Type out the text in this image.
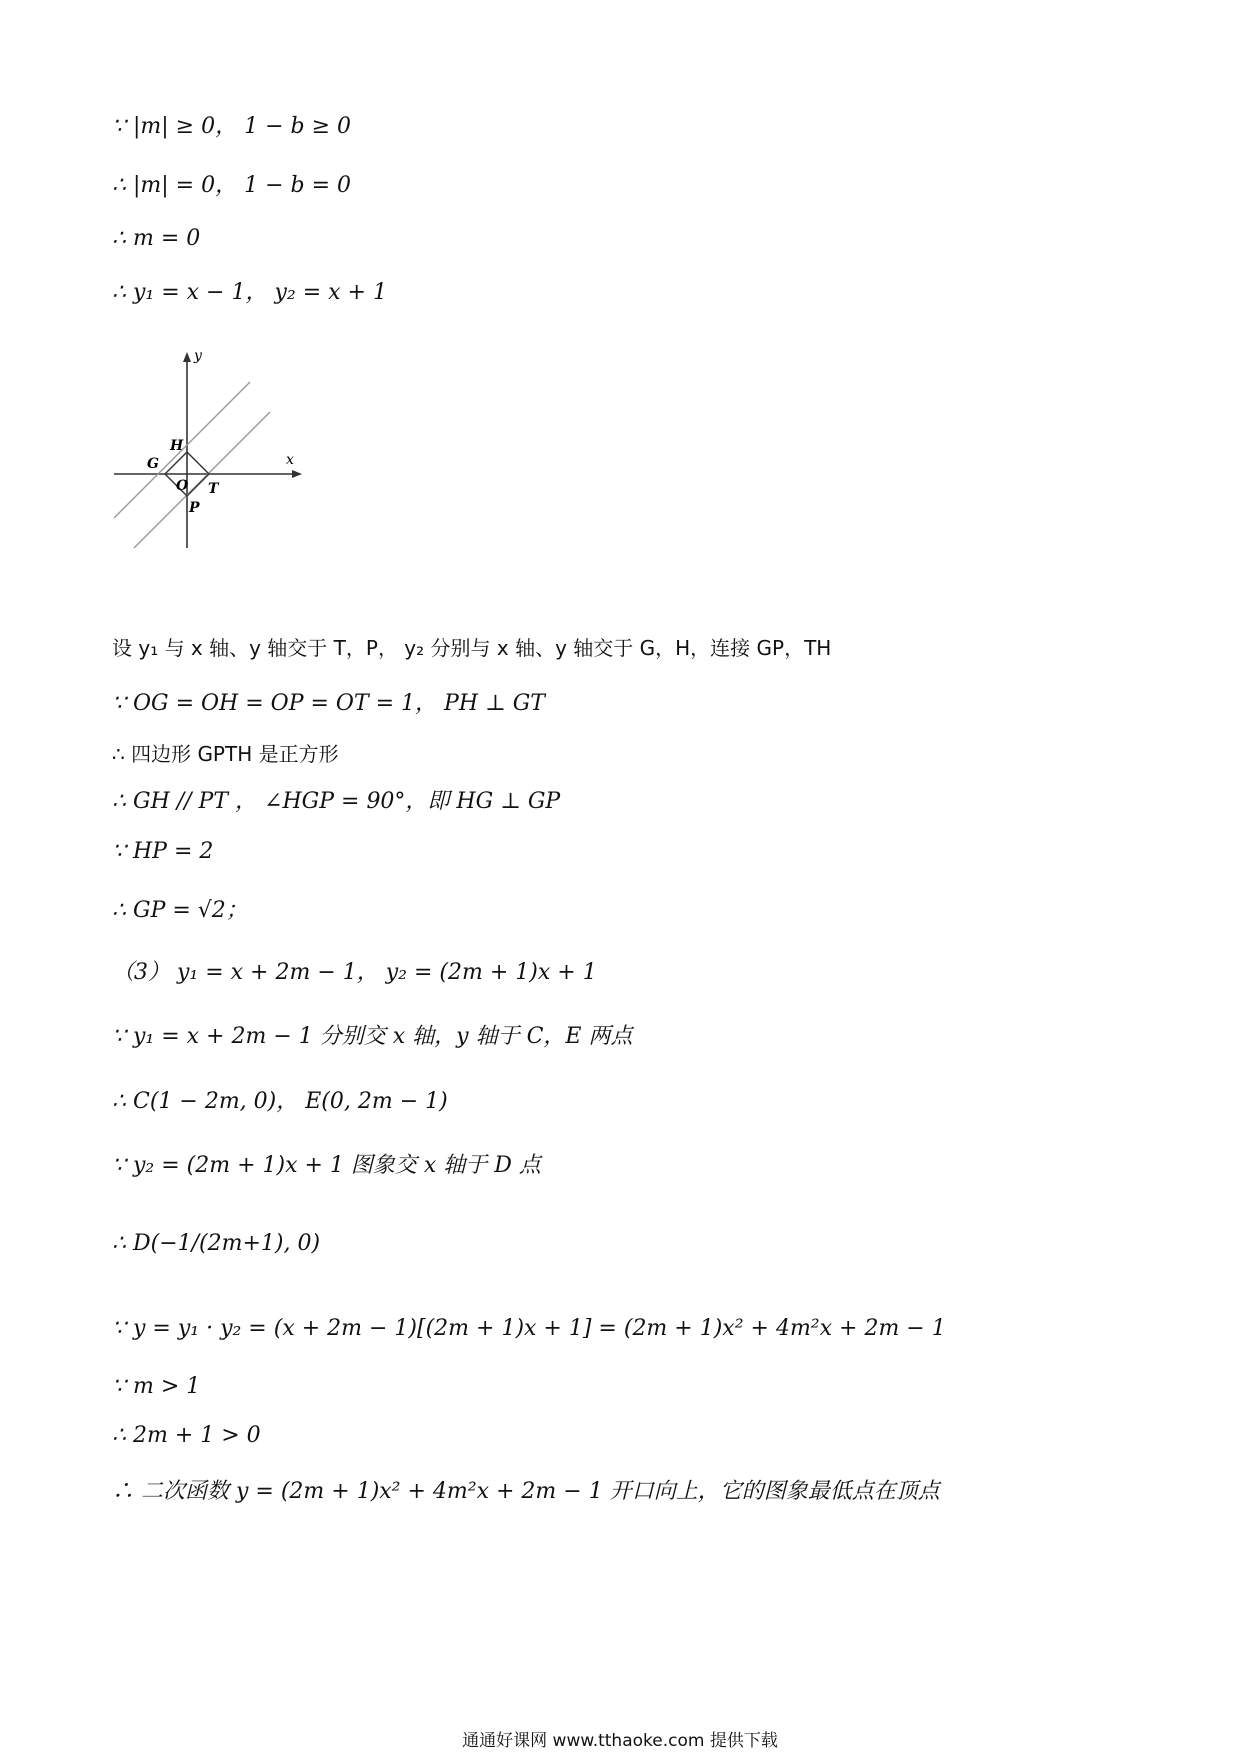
∵ |m| ≥ 0， 1 − b ≥ 0
∴ |m| = 0， 1 − b = 0
∴ m = 0
∴ y₁ = x − 1， y₂ = x + 1
y
x
H
G
O T
P
设 y₁ 与 x 轴、y 轴交于 T，P， y₂ 分别与 x 轴、y 轴交于 G，H，连接 GP，TH
∵ OG = OH = OP = OT = 1， PH ⊥ GT
∴ 四边形 GPTH 是正方形
∴ GH // PT ， ∠HGP = 90°，即 HG ⊥ GP
∵ HP = 2
∴ GP = √2；
（3） y₁ = x + 2m − 1， y₂ = (2m + 1)x + 1
∵ y₁ = x + 2m − 1 分别交 x 轴，y 轴于 C，E 两点
∴ C(1 − 2m, 0)， E(0, 2m − 1)
∵ y₂ = (2m + 1)x + 1 图象交 x 轴于 D 点
∴ D(−1/(2m+1), 0)
∵ y = y₁ · y₂ = (x + 2m − 1)[(2m + 1)x + 1] = (2m + 1)x² + 4m²x + 2m − 1
∵ m > 1
∴ 2m + 1 > 0
∴ 二次函数 y = (2m + 1)x² + 4m²x + 2m − 1 开口向上，它的图象最低点在顶点
通通好课网 www.tthaoke.com 提供下载
